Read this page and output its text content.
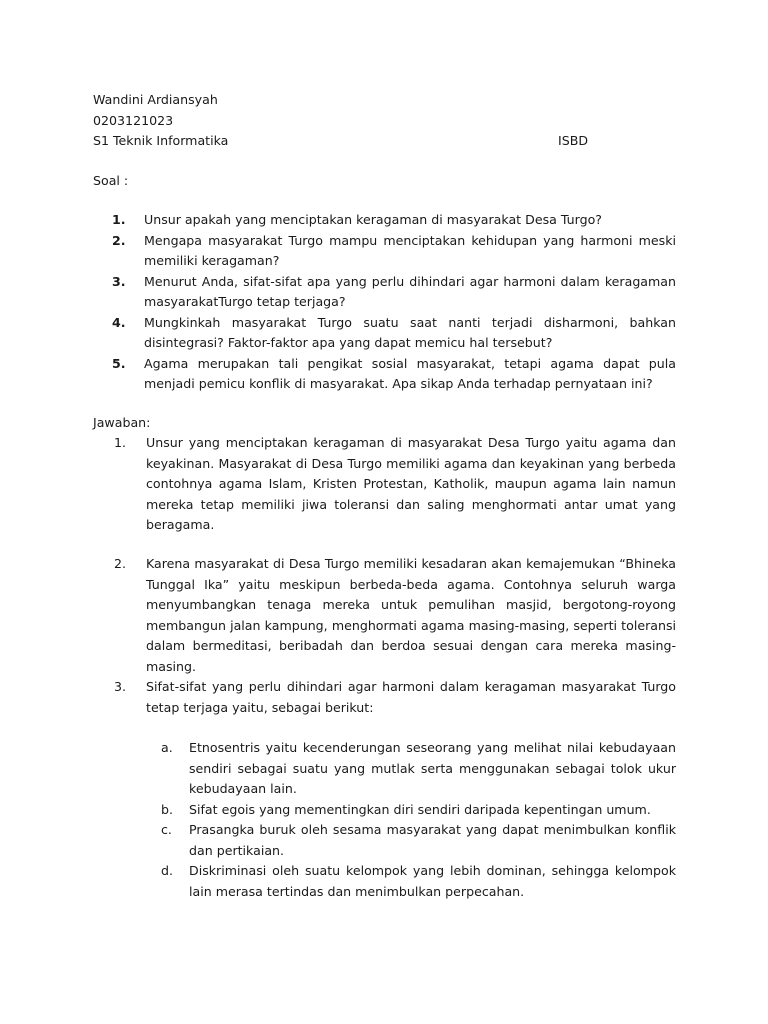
Wandini Ardiansyah
0203121023
S1 Teknik Informatika	ISBD
Soal :
1.	Unsur apakah yang menciptakan keragaman di masyarakat Desa Turgo?
2.	Mengapa masyarakat Turgo mampu menciptakan kehidupan yang harmoni meski memiliki keragaman?
3.	Menurut Anda, sifat-sifat apa yang perlu dihindari agar harmoni dalam keragaman masyarakatTurgo tetap terjaga?
4.	Mungkinkah masyarakat Turgo suatu saat nanti terjadi disharmoni, bahkan disintegrasi? Faktor-faktor apa yang dapat memicu hal tersebut?
5.	Agama merupakan tali pengikat sosial masyarakat, tetapi agama dapat pula menjadi pemicu konflik di masyarakat. Apa sikap Anda terhadap pernyataan ini?
Jawaban:
1.	Unsur yang menciptakan keragaman di masyarakat Desa Turgo yaitu agama dan keyakinan. Masyarakat di Desa Turgo memiliki agama dan keyakinan yang berbeda contohnya agama Islam, Kristen Protestan, Katholik, maupun agama lain namun mereka tetap memiliki jiwa toleransi dan saling menghormati antar umat yang beragama.
2.	Karena masyarakat di Desa Turgo memiliki kesadaran akan kemajemukan “Bhineka Tunggal Ika” yaitu meskipun berbeda-beda agama. Contohnya seluruh warga menyumbangkan tenaga mereka untuk pemulihan masjid, bergotong-royong membangun jalan kampung, menghormati agama masing-masing, seperti toleransi dalam bermeditasi, beribadah dan berdoa sesuai dengan cara mereka masing-masing.
3.	Sifat-sifat yang perlu dihindari agar harmoni dalam keragaman masyarakat Turgo tetap terjaga yaitu, sebagai berikut:
a.	Etnosentris yaitu kecenderungan seseorang yang melihat nilai kebudayaan sendiri sebagai suatu yang mutlak serta menggunakan sebagai tolok ukur kebudayaan lain.
b.	Sifat egois yang mementingkan diri sendiri daripada kepentingan umum.
c.	Prasangka buruk oleh sesama masyarakat yang dapat menimbulkan konflik dan pertikaian.
d.	Diskriminasi oleh suatu kelompok yang lebih dominan, sehingga kelompok lain merasa tertindas dan menimbulkan perpecahan.
